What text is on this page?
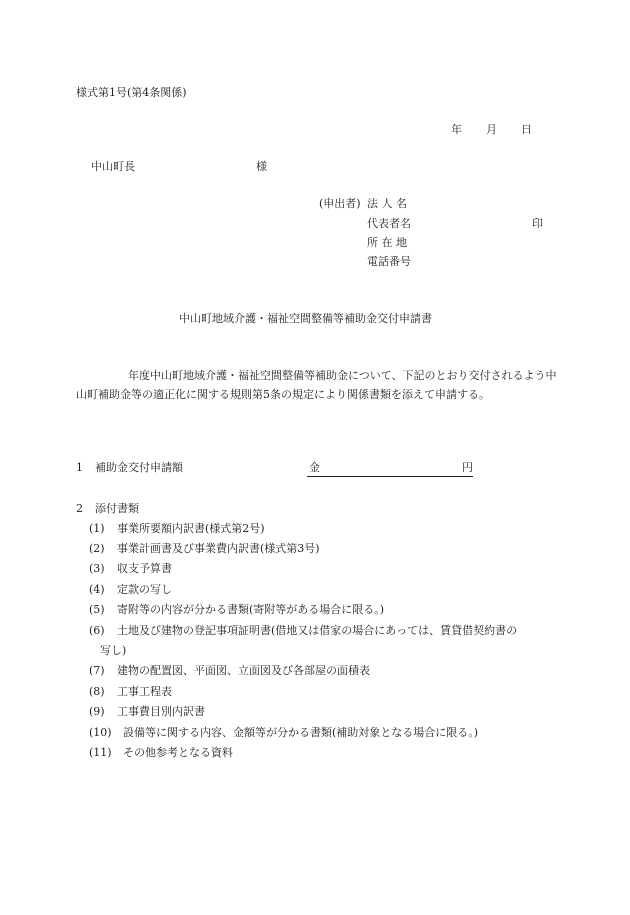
様式第1号(第4条関係)
年 月 日
中山町長	様
(申出者) 法 人 名
代表者名	印
所 在 地
電話番号
中山町地域介護・福祉空間整備等補助金交付申請書
年度中山町地域介護・福祉空間整備等補助金について、下記のとおり交付されるよう中山町補助金等の適正化に関する規則第5条の規定により関係書類を添えて申請する。
1 補助金交付申請額	金	円
2 添付書類
(1) 事業所要額内訳書(様式第2号)
(2) 事業計画書及び事業費内訳書(様式第3号)
(3) 収支予算書
(4) 定款の写し
(5) 寄附等の内容が分かる書類(寄附等がある場合に限る。)
(6) 土地及び建物の登記事項証明書(借地又は借家の場合にあっては、賃貸借契約書の
写し)
(7) 建物の配置図、平面図、立面図及び各部屋の面積表
(8) 工事工程表
(9) 工事費目別内訳書
(10) 設備等に関する内容、金額等が分かる書類(補助対象となる場合に限る。)
(11) その他参考となる資料
